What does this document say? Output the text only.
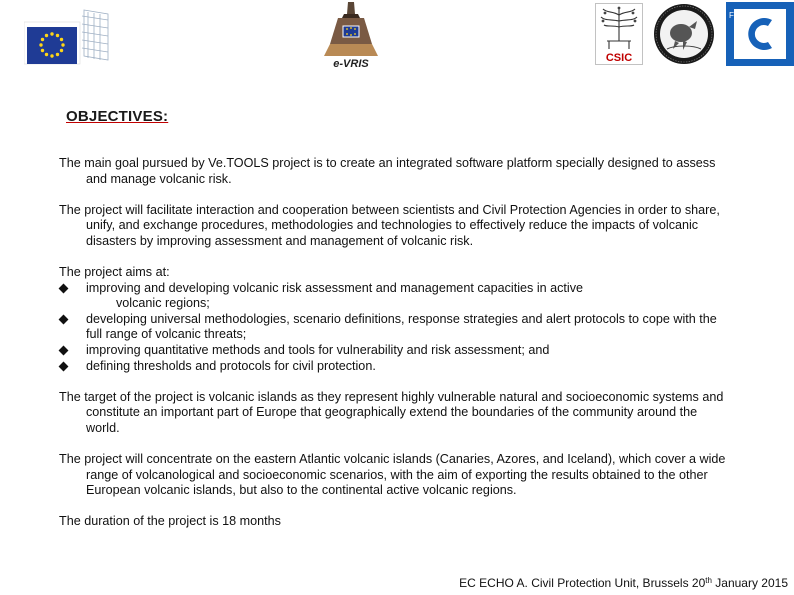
e-VRIS	CSIC
F
OBJECTIVES:

The main goal pursued by Ve.TOOLS project is to create an integrated software platform specially designed to assess and manage volcanic risk.

The project will facilitate interaction and cooperation between scientists and Civil Protection Agencies in order to share, unify, and exchange procedures, methodologies and technologies to effectively reduce the impacts of volcanic disasters by improving assessment and management of volcanic risk.

The project aims at:

improving and developing volcanic risk assessment and management capacities in active
volcanic regions;
developing universal methodologies, scenario definitions, response strategies and alert protocols to cope with the full range of volcanic threats;
improving quantitative methods and tools for vulnerability and risk assessment; and
defining thresholds and protocols for civil protection.

The target of the project is volcanic islands as they represent highly vulnerable natural and socioeconomic systems and constitute an important part of Europe that geographically extend the boundaries of the community around the world.

The project will concentrate on the eastern Atlantic volcanic islands (Canaries, Azores, and Iceland), which cover a wide range of volcanological and socioeconomic scenarios, with the aim of exporting the results obtained to the other European volcanic islands, but also to the continental active volcanic regions.

The duration of the project is 18 months

EC ECHO A. Civil Protection Unit, Brussels 20th January 2015
